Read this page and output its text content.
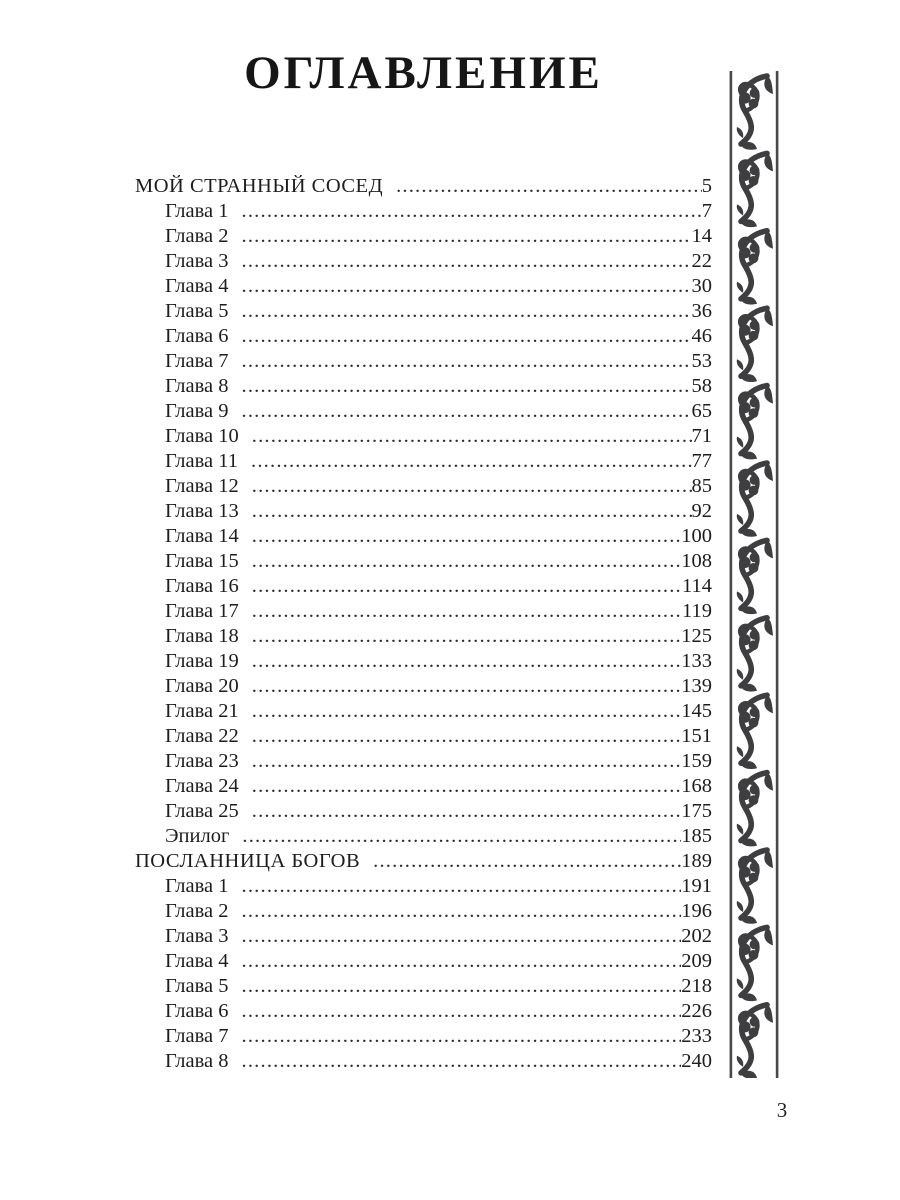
ОГЛАВЛЕНИЕ
МОЙ СТРАННЫЙ СОСЕД .....	5
Глава 1 .....	7
Глава 2 .....	14
Глава 3 .....	22
Глава 4 .....	30
Глава 5 .....	36
Глава 6 .....	46
Глава 7 .....	53
Глава 8 .....	58
Глава 9 .....	65
Глава 10 .....	71
Глава 11 .....	77
Глава 12 .....	85
Глава 13 .....	92
Глава 14 .....	100
Глава 15 .....	108
Глава 16 .....	114
Глава 17 .....	119
Глава 18 .....	125
Глава 19 .....	133
Глава 20 .....	139
Глава 21 .....	145
Глава 22 .....	151
Глава 23 .....	159
Глава 24 .....	168
Глава 25 .....	175
Эпилог .....	185
ПОСЛАННИЦА БОГОВ .....	189
Глава 1 .....	191
Глава 2 .....	196
Глава 3 .....	202
Глава 4 .....	209
Глава 5 .....	218
Глава 6 .....	226
Глава 7 .....	233
Глава 8 .....	240
3
